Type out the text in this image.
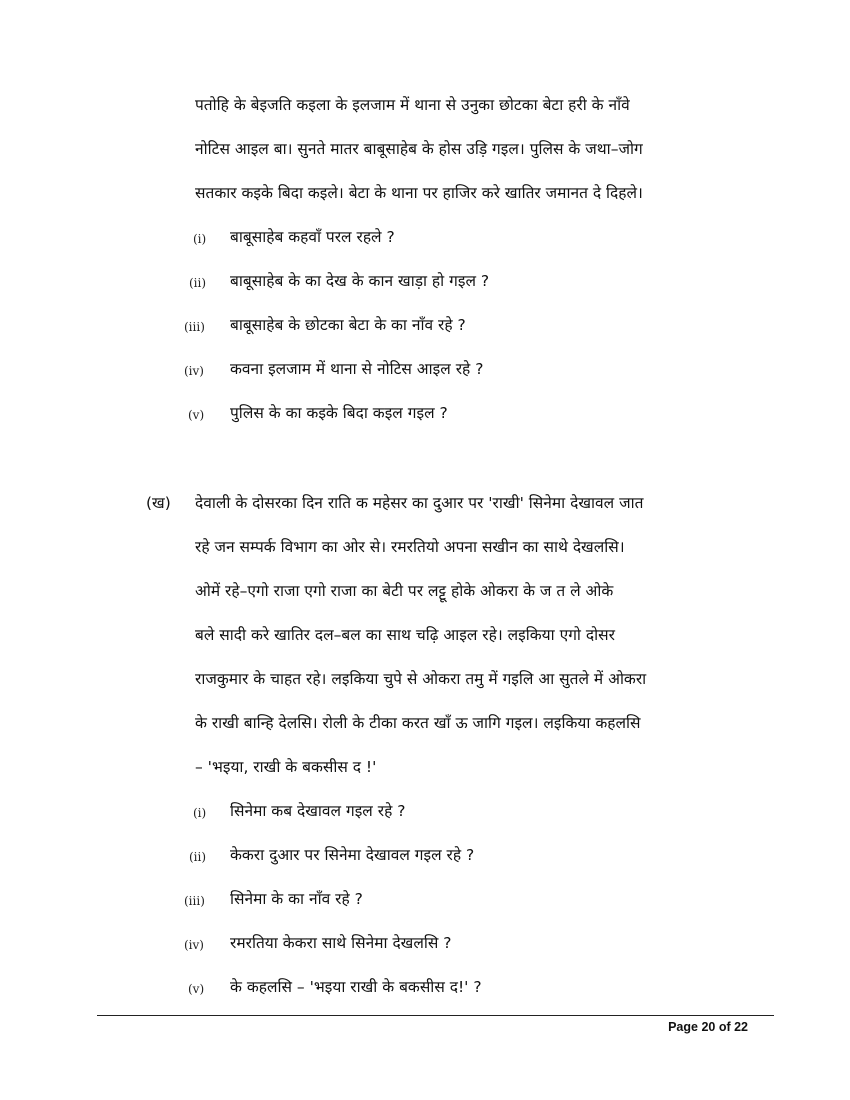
पतोहि के बेइजति कइला के इलजाम में थाना से उनुका छोटका बेटा हरी के नाँवे
नोटिस आइल बा। सुनते मातर बाबूसाहेब के होस उड़ि गइल। पुलिस के जथा–जोग
सतकार कइके बिदा कइले। बेटा के थाना पर हाजिर करे खातिर जमानत दे दिहले।
(i) बाबूसाहेब कहवाँ परल रहले ?
(ii) बाबूसाहेब के का देख के कान खाड़ा हो गइल ?
(iii) बाबूसाहेब के छोटका बेटा के का नाँव रहे ?
(iv) कवना इलजाम में थाना से नोटिस आइल रहे ?
(v) पुलिस के का कइके बिदा कइल गइल ?
(ख) देवाली के दोसरका दिन राति क महेसर का दुआर पर 'राखी' सिनेमा देखावल जात
रहे जन सम्पर्क विभाग का ओर से। रमरतियो अपना सखीन का साथे देखलसि।
ओमें रहे–एगो राजा एगो राजा का बेटी पर लट्टू होके ओकरा के ज त ले ओके
बले सादी करे खातिर दल–बल का साथ चढ़ि आइल रहे। लइकिया एगो दोसर
राजकुमार के चाहत रहे। लइकिया चुपे से ओकरा तमु में गइलि आ सुतले में ओकरा
के राखी बान्हि देलसि। रोली के टीका करत खाँ ऊ जागि गइल। लइकिया कहलसि
– 'भइया, राखी के बकसीस द !'
(i) सिनेमा कब देखावल गइल रहे ?
(ii) केकरा दुआर पर सिनेमा देखावल गइल रहे ?
(iii) सिनेमा के का नाँव रहे ?
(iv) रमरतिया केकरा साथे सिनेमा देखलसि ?
(v) के कहलसि – 'भइया राखी के बकसीस द!' ?
Page 20 of 22
